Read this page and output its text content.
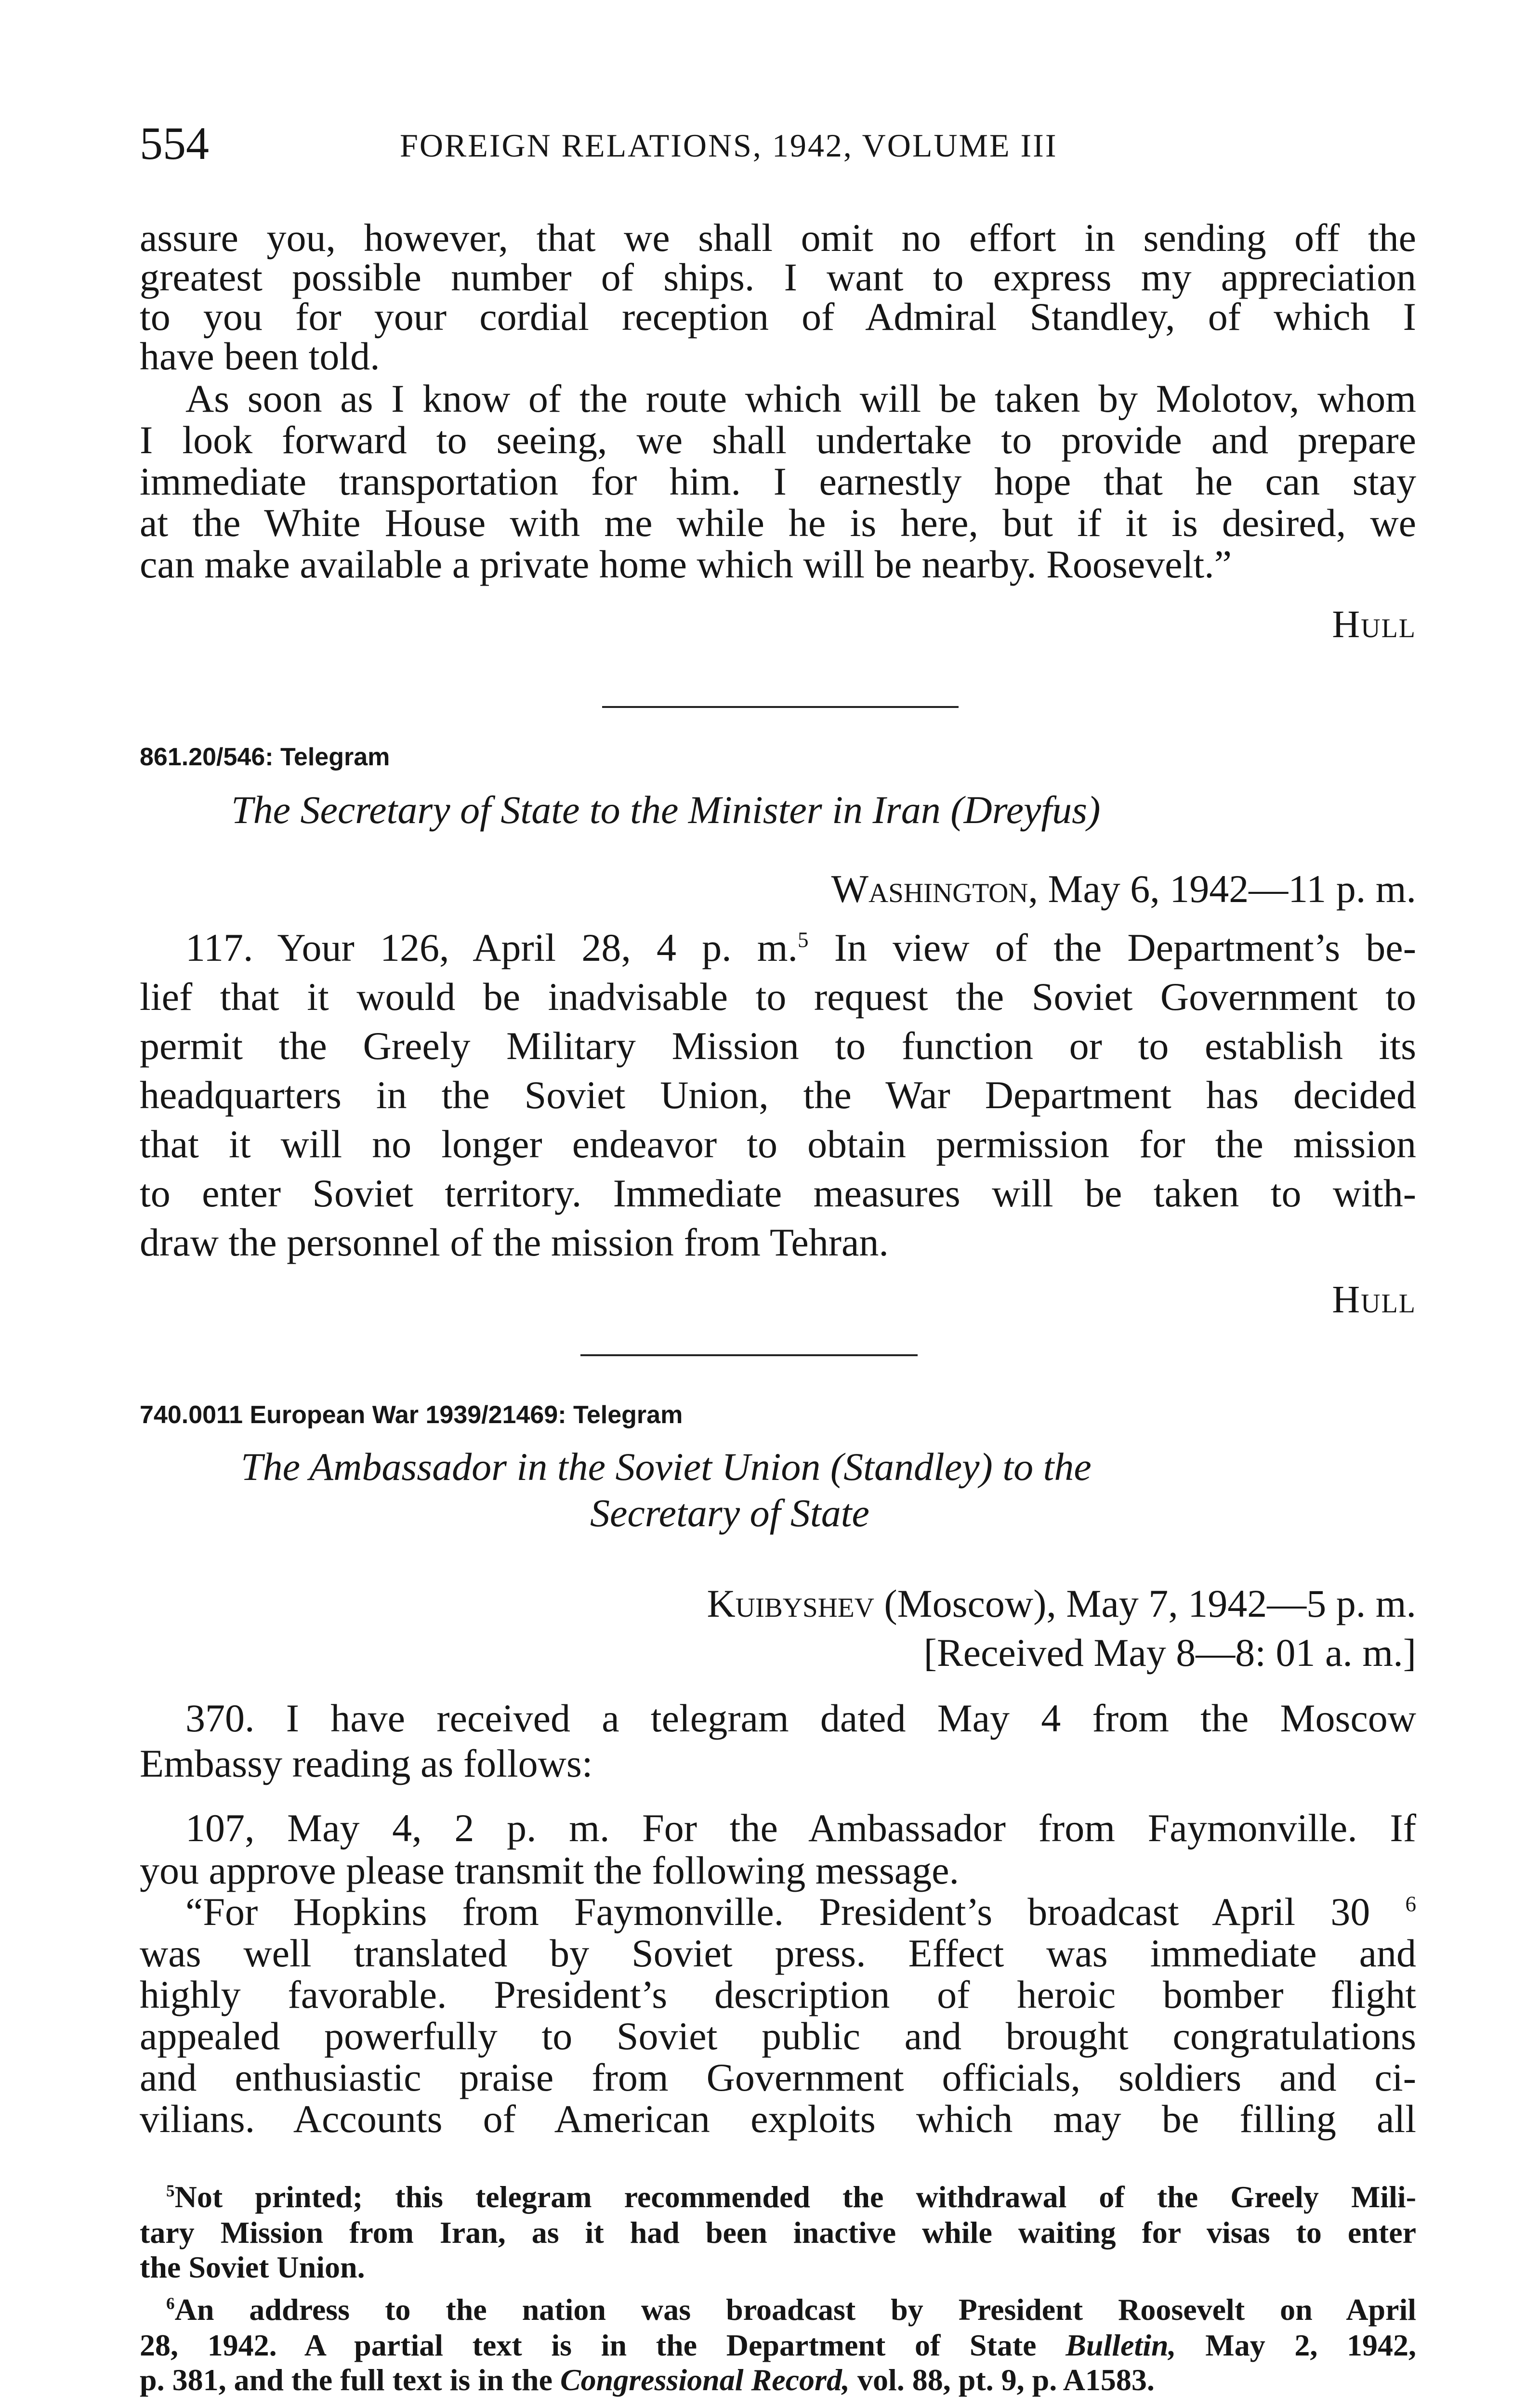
554	FOREIGN RELATIONS, 1942, VOLUME III
assure you, however, that we shall omit no effort in sending off the
greatest possible number of ships. I want to express my appreciation
to you for your cordial reception of Admiral Standley, of which I
have been told.
As soon as I know of the route which will be taken by Molotov, whom
I look forward to seeing, we shall undertake to provide and prepare
immediate transportation for him. I earnestly hope that he can stay
at the White House with me while he is here, but if it is desired, we
can make available a private home which will be nearby. Roosevelt.”
Hull
861.20/546: Telegram
The Secretary of State to the Minister in Iran (Dreyfus)
Washington, May 6, 1942—11 p. m.
117. Your 126, April 28, 4 p. m.$^5$ In view of the Department’s be-
lief that it would be inadvisable to request the Soviet Government to
permit the Greely Military Mission to function or to establish its
headquarters in the Soviet Union, the War Department has decided
that it will no longer endeavor to obtain permission for the mission
to enter Soviet territory. Immediate measures will be taken to with-
draw the personnel of the mission from Tehran.
Hull
740.0011 European War 1939/21469: Telegram
The Ambassador in the Soviet Union (Standley) to the
Secretary of State
Kuibyshev (Moscow), May 7, 1942—5 p. m.
[Received May 8—8: 01 a. m.]
370. I have received a telegram dated May 4 from the Moscow
Embassy reading as follows:
107, May 4, 2 p. m. For the Ambassador from Faymonville. If
you approve please transmit the following message.
“For Hopkins from Faymonville. President’s broadcast April 30 $^6$
was well translated by Soviet press. Effect was immediate and
highly favorable. President’s description of heroic bomber flight
appealed powerfully to Soviet public and brought congratulations
and enthusiastic praise from Government officials, soldiers and ci-
vilians. Accounts of American exploits which may be filling all
$^5$Not printed; this telegram recommended the withdrawal of the Greely Mili-
tary Mission from Iran, as it had been inactive while waiting for visas to enter
the Soviet Union.
$^6$An address to the nation was broadcast by President Roosevelt on April
28, 1942. A partial text is in the Department of State Bulletin, May 2, 1942,
p. 381, and the full text is in the Congressional Record, vol. 88, pt. 9, p. A1583.
